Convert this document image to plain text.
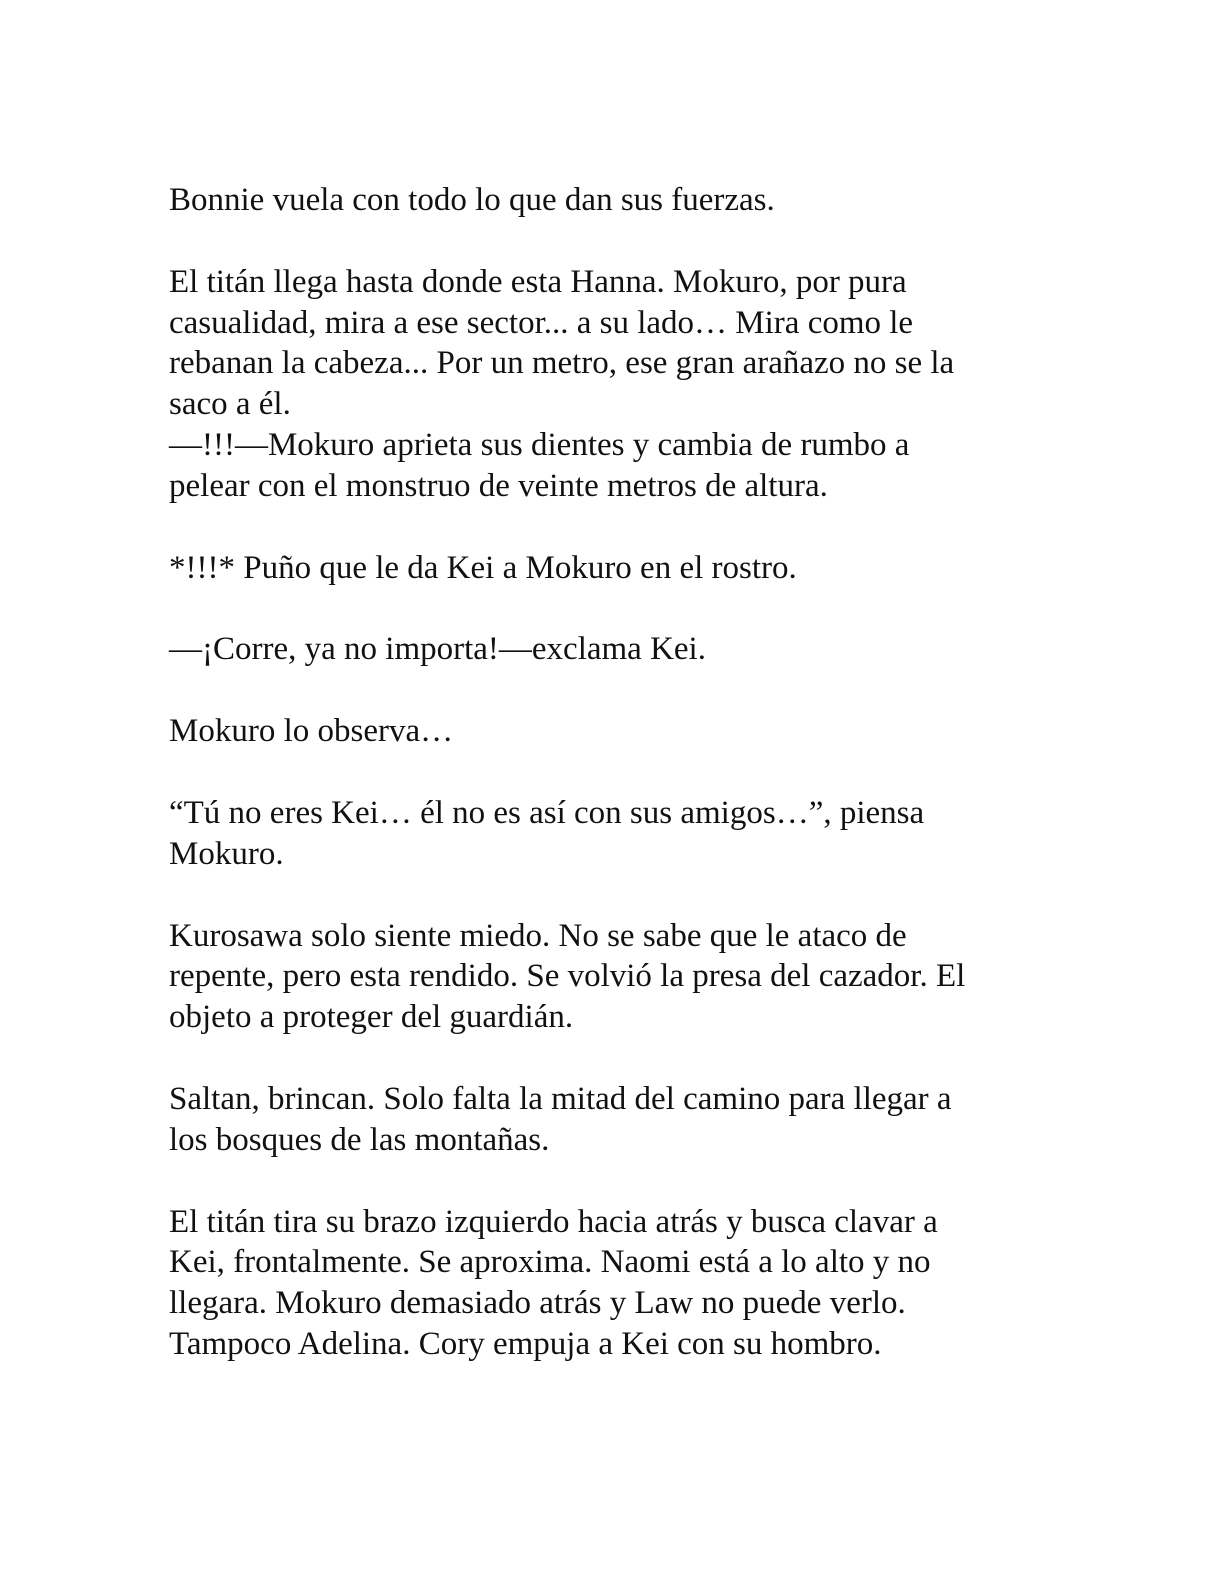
Bonnie vuela con todo lo que dan sus fuerzas.

El titán llega hasta donde esta Hanna. Mokuro, por pura
casualidad, mira a ese sector... a su lado… Mira como le
rebanan la cabeza... Por un metro, ese gran arañazo no se la
saco a él.
—!!!—Mokuro aprieta sus dientes y cambia de rumbo a
pelear con el monstruo de veinte metros de altura.

*!!!* Puño que le da Kei a Mokuro en el rostro.

—¡Corre, ya no importa!—exclama Kei.

Mokuro lo observa…

“Tú no eres Kei… él no es así con sus amigos…”, piensa
Mokuro.

Kurosawa solo siente miedo. No se sabe que le ataco de
repente, pero esta rendido. Se volvió la presa del cazador. El
objeto a proteger del guardián.

Saltan, brincan. Solo falta la mitad del camino para llegar a
los bosques de las montañas.

El titán tira su brazo izquierdo hacia atrás y busca clavar a
Kei, frontalmente. Se aproxima. Naomi está a lo alto y no
llegara. Mokuro demasiado atrás y Law no puede verlo.
Tampoco Adelina. Cory empuja a Kei con su hombro.
